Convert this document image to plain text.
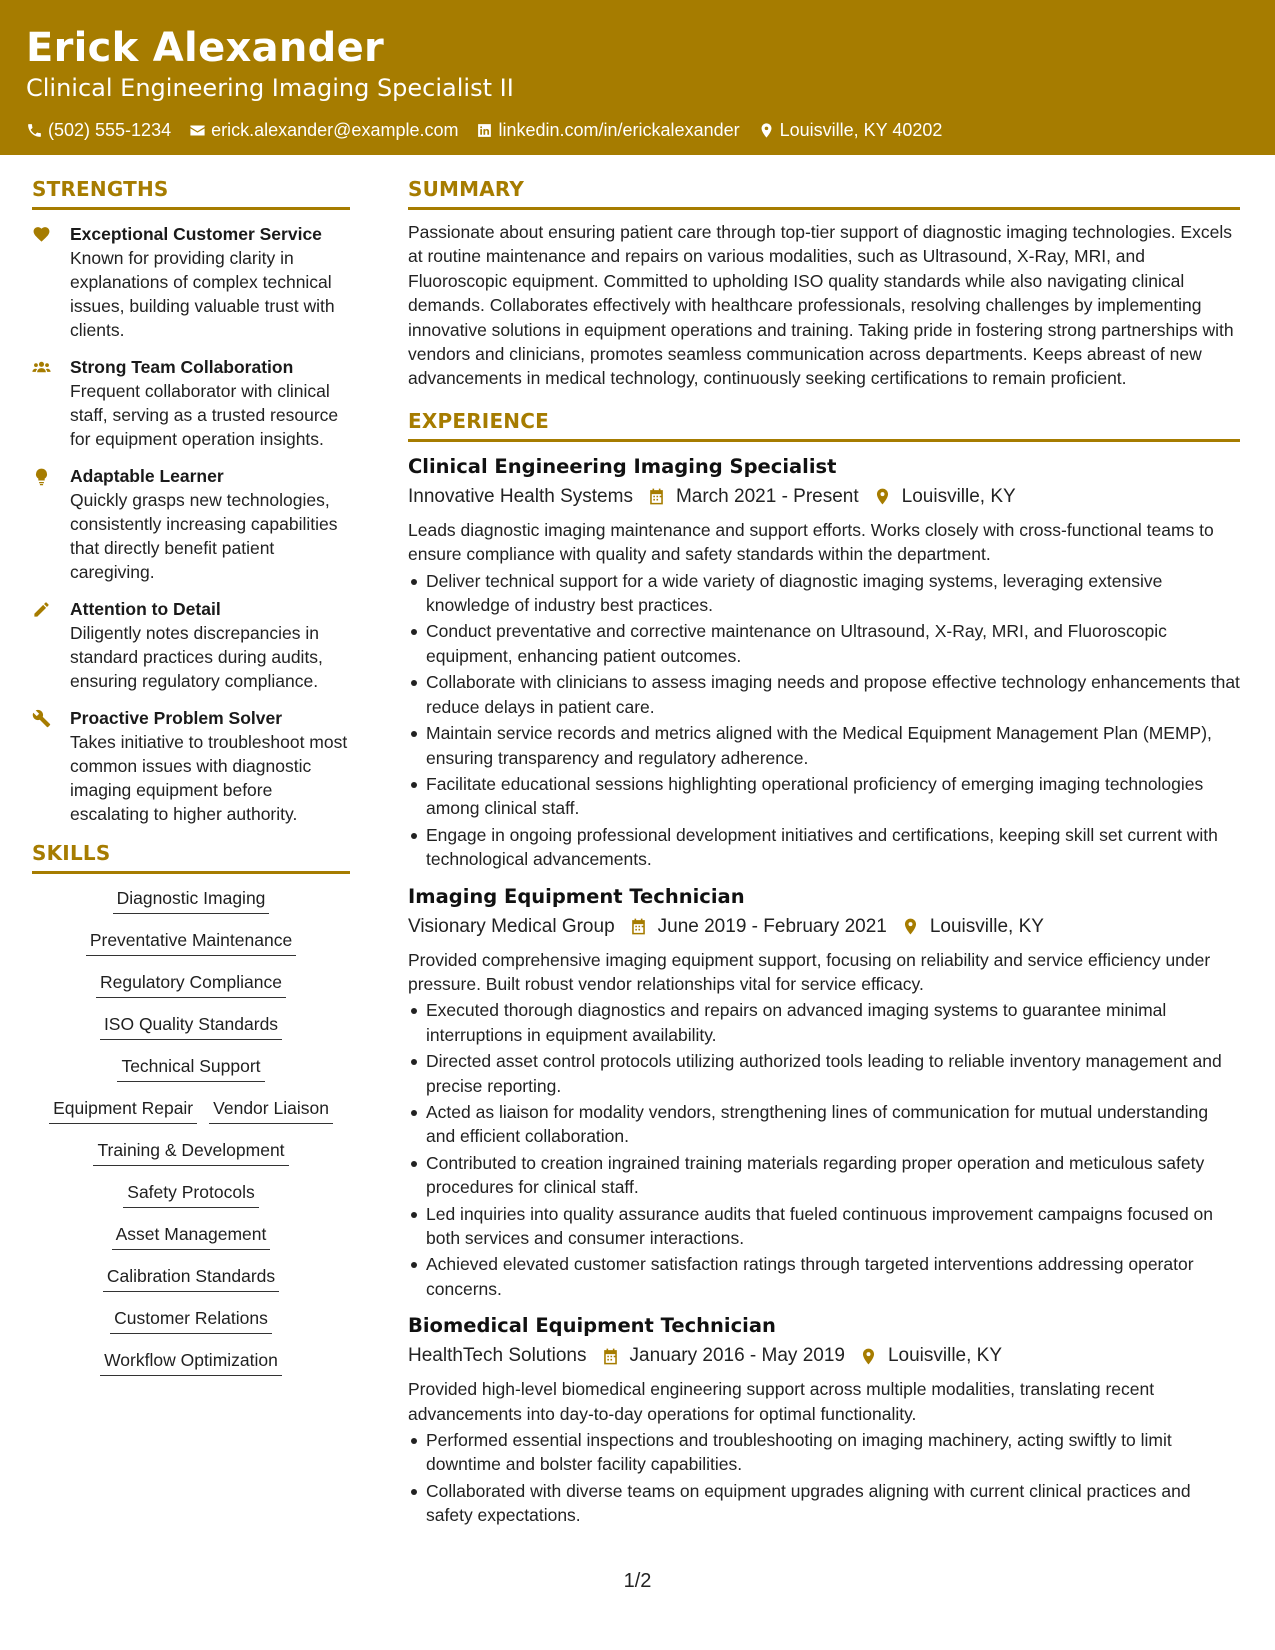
Erick Alexander
Clinical Engineering Imaging Specialist II
(502) 555-1234 erick.alexander@example.com linkedin.com/in/erickalexander Louisville, KY 40202
STRENGTHS
Exceptional Customer Service
Known for providing clarity in explanations of complex technical issues, building valuable trust with clients.
Strong Team Collaboration
Frequent collaborator with clinical staff, serving as a trusted resource for equipment operation insights.
Adaptable Learner
Quickly grasps new technologies, consistently increasing capabilities that directly benefit patient caregiving.
Attention to Detail
Diligently notes discrepancies in standard practices during audits, ensuring regulatory compliance.
Proactive Problem Solver
Takes initiative to troubleshoot most common issues with diagnostic imaging equipment before escalating to higher authority.
SKILLS
Diagnostic Imaging
Preventative Maintenance
Regulatory Compliance
ISO Quality Standards
Technical Support
Equipment Repair Vendor Liaison
Training & Development
Safety Protocols
Asset Management
Calibration Standards
Customer Relations
Workflow Optimization
SUMMARY
Passionate about ensuring patient care through top-tier support of diagnostic imaging technologies. Excels at routine maintenance and repairs on various modalities, such as Ultrasound, X-Ray, MRI, and Fluoroscopic equipment. Committed to upholding ISO quality standards while also navigating clinical demands. Collaborates effectively with healthcare professionals, resolving challenges by implementing innovative solutions in equipment operations and training. Taking pride in fostering strong partnerships with vendors and clinicians, promotes seamless communication across departments. Keeps abreast of new advancements in medical technology, continuously seeking certifications to remain proficient.
EXPERIENCE
Clinical Engineering Imaging Specialist
Innovative Health Systems March 2021 - Present Louisville, KY
Leads diagnostic imaging maintenance and support efforts. Works closely with cross-functional teams to ensure compliance with quality and safety standards within the department.
Deliver technical support for a wide variety of diagnostic imaging systems, leveraging extensive knowledge of industry best practices.
Conduct preventative and corrective maintenance on Ultrasound, X-Ray, MRI, and Fluoroscopic equipment, enhancing patient outcomes.
Collaborate with clinicians to assess imaging needs and propose effective technology enhancements that reduce delays in patient care.
Maintain service records and metrics aligned with the Medical Equipment Management Plan (MEMP), ensuring transparency and regulatory adherence.
Facilitate educational sessions highlighting operational proficiency of emerging imaging technologies among clinical staff.
Engage in ongoing professional development initiatives and certifications, keeping skill set current with technological advancements.
Imaging Equipment Technician
Visionary Medical Group June 2019 - February 2021 Louisville, KY
Provided comprehensive imaging equipment support, focusing on reliability and service efficiency under pressure. Built robust vendor relationships vital for service efficacy.
Executed thorough diagnostics and repairs on advanced imaging systems to guarantee minimal interruptions in equipment availability.
Directed asset control protocols utilizing authorized tools leading to reliable inventory management and precise reporting.
Acted as liaison for modality vendors, strengthening lines of communication for mutual understanding and efficient collaboration.
Contributed to creation ingrained training materials regarding proper operation and meticulous safety procedures for clinical staff.
Led inquiries into quality assurance audits that fueled continuous improvement campaigns focused on both services and consumer interactions.
Achieved elevated customer satisfaction ratings through targeted interventions addressing operator concerns.
Biomedical Equipment Technician
HealthTech Solutions January 2016 - May 2019 Louisville, KY
Provided high-level biomedical engineering support across multiple modalities, translating recent advancements into day-to-day operations for optimal functionality.
Performed essential inspections and troubleshooting on imaging machinery, acting swiftly to limit downtime and bolster facility capabilities.
Collaborated with diverse teams on equipment upgrades aligning with current clinical practices and safety expectations.
1/2
